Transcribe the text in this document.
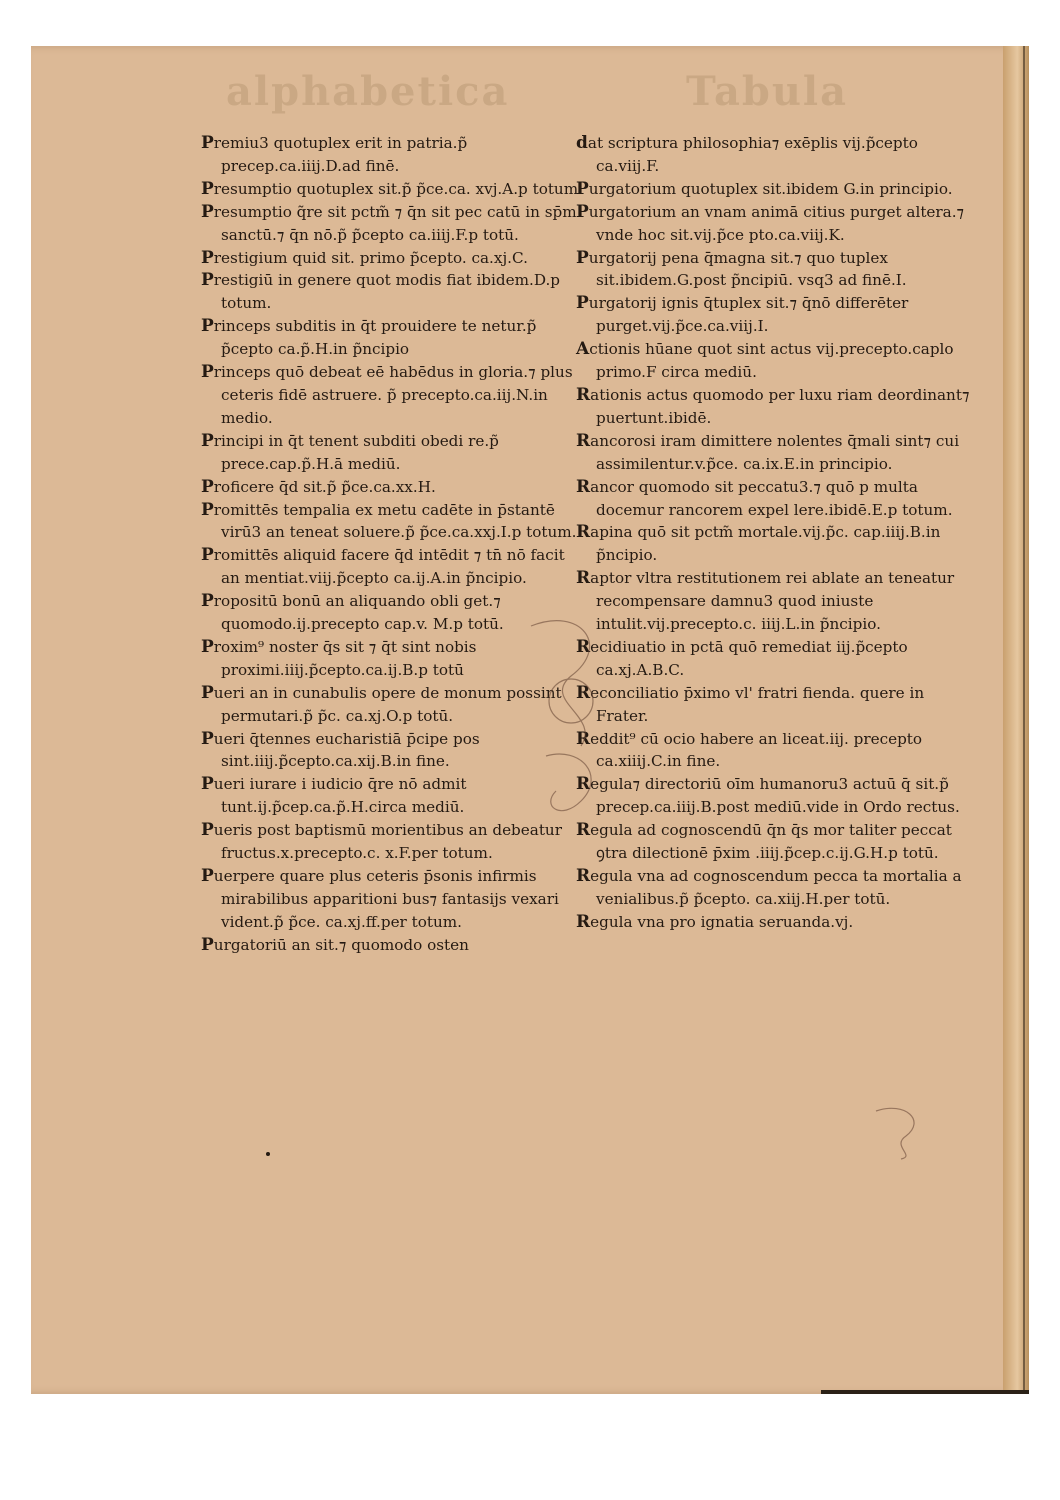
alphabetica	Tabula
Premiu3 quotuplex erit in patria.p̃ precep.ca.iiij.D.ad finē.
Presumptio quotuplex sit.p̃ p̃ce.ca. xvj.A.p totum
Presumptio q̃re sit pctm̃ ⁊ q̄n sit pec catū in sp̄m sanctū.⁊ q̄n nō.p̃ p̃cepto ca.iiij.F.p totū.
Prestigium quid sit. primo p̃cepto. ca.xj.C.
Prestigiū in genere quot modis fiat ibidem.D.p totum.
Princeps subditis in q̄t prouidere te netur.p̃ p̃cepto ca.p̃.H.in p̃ncipio
Princeps quō debeat eē habēdus in gloria.⁊ plus ceteris fidē astruere. p̃ precepto.ca.iij.N.in medio.
Principi in q̄t tenent subditi obedi re.p̃ prece.cap.p̃.H.ā mediū.
Proficere q̄d sit.p̃ p̃ce.ca.xx.H.
Promittēs tempalia ex metu cadēte in p̄stantē virū3 an teneat soluere.p̃ p̃ce.ca.xxj.I.p totum.
Promittēs aliquid facere q̄d intēdit ⁊ tn̄ nō facit an mentiat.viij.p̃cepto ca.ij.A.in p̃ncipio.
Propositū bonū an aliquando obli get.⁊ quomodo.ij.precepto cap.v. M.p totū.
Proxim⁹ noster q̄s sit ⁊ q̄t sint nobis proximi.iiij.p̃cepto.ca.ij.B.p totū
Pueri an in cunabulis opere de monum possint permutari.p̃ p̃c. ca.xj.O.p totū.
Pueri q̄tennes eucharistiā p̄cipe pos sint.iiij.p̃cepto.ca.xij.B.in fine.
Pueri iurare i iudicio q̄re nō admit tunt.ij.p̃cep.ca.p̃.H.circa mediū.
Pueris post baptismū morientibus an debeatur fructus.x.precepto.c. x.F.per totum.
Puerpere quare plus ceteris p̄sonis infirmis mirabilibus apparitioni bus⁊ fantasijs vexari vident.p̃ p̃ce. ca.xj.ff.per totum.
Purgatoriū an sit.⁊ quomodo osten
dat scriptura philosophia⁊ exēplis vij.p̃cepto ca.viij.F.
Purgatorium quotuplex sit.ibidem G.in principio.
Purgatorium an vnam animā citius purget altera.⁊ vnde hoc sit.vij.p̃ce pto.ca.viij.K.
Purgatorij pena q̄̄magna sit.⁊ quo tuplex sit.ibidem.G.post p̃ncipiū. vsq3 ad finē.I.
Purgatorij ignis q̄tuplex sit.⁊ q̄nō differēter purget.vij.p̃ce.ca.viij.I.
Actionis hūane quot sint actus vij.precepto.caplo primo.F circa mediū.
Rationis actus quomodo per luxu riam deordinant⁊ puertunt.ibidē.
Rancorosi iram dimittere nolentes q̄̄mali sint⁊ cui assimilentur.v.p̃ce. ca.ix.E.in principio.
Rancor quomodo sit peccatu3.⁊ quō p multa docemur rancorem expel lere.ibidē.E.p totum.
Rapina quō sit pctm̃ mortale.vij.p̃c. cap.iiij.B.in p̃ncipio.
Raptor vltra restitutionem rei ablate an teneatur recompensare damnu3 quod iniuste intulit.vij.precepto.c. iiij.L.in p̃ncipio.
Recidiuatio in pctā quō remediat iij.p̃cepto ca.xj.A.B.C.
Reconciliatio p̄ximo vl' fratri fienda. quere in Frater.
Reddit⁹ cū ocio habere an liceat.iij. precepto ca.xiiij.C.in fine.
Regula⁊ directoriū oīm humanoru3 actuū q̄ sit.p̃ precep.ca.iiij.B.post mediū.vide in Ordo rectus.
Regula ad cognoscendū q̄n q̄s mor taliter peccat ꝯtra dilectionē p̄xim .iiij.p̃cep.c.ij.G.H.p totū.
Regula vna ad cognoscendum pecca ta mortalia a venialibus.p̃ p̃cepto. ca.xiij.H.per totū.
Regula vna pro ignatia seruanda.vj.
